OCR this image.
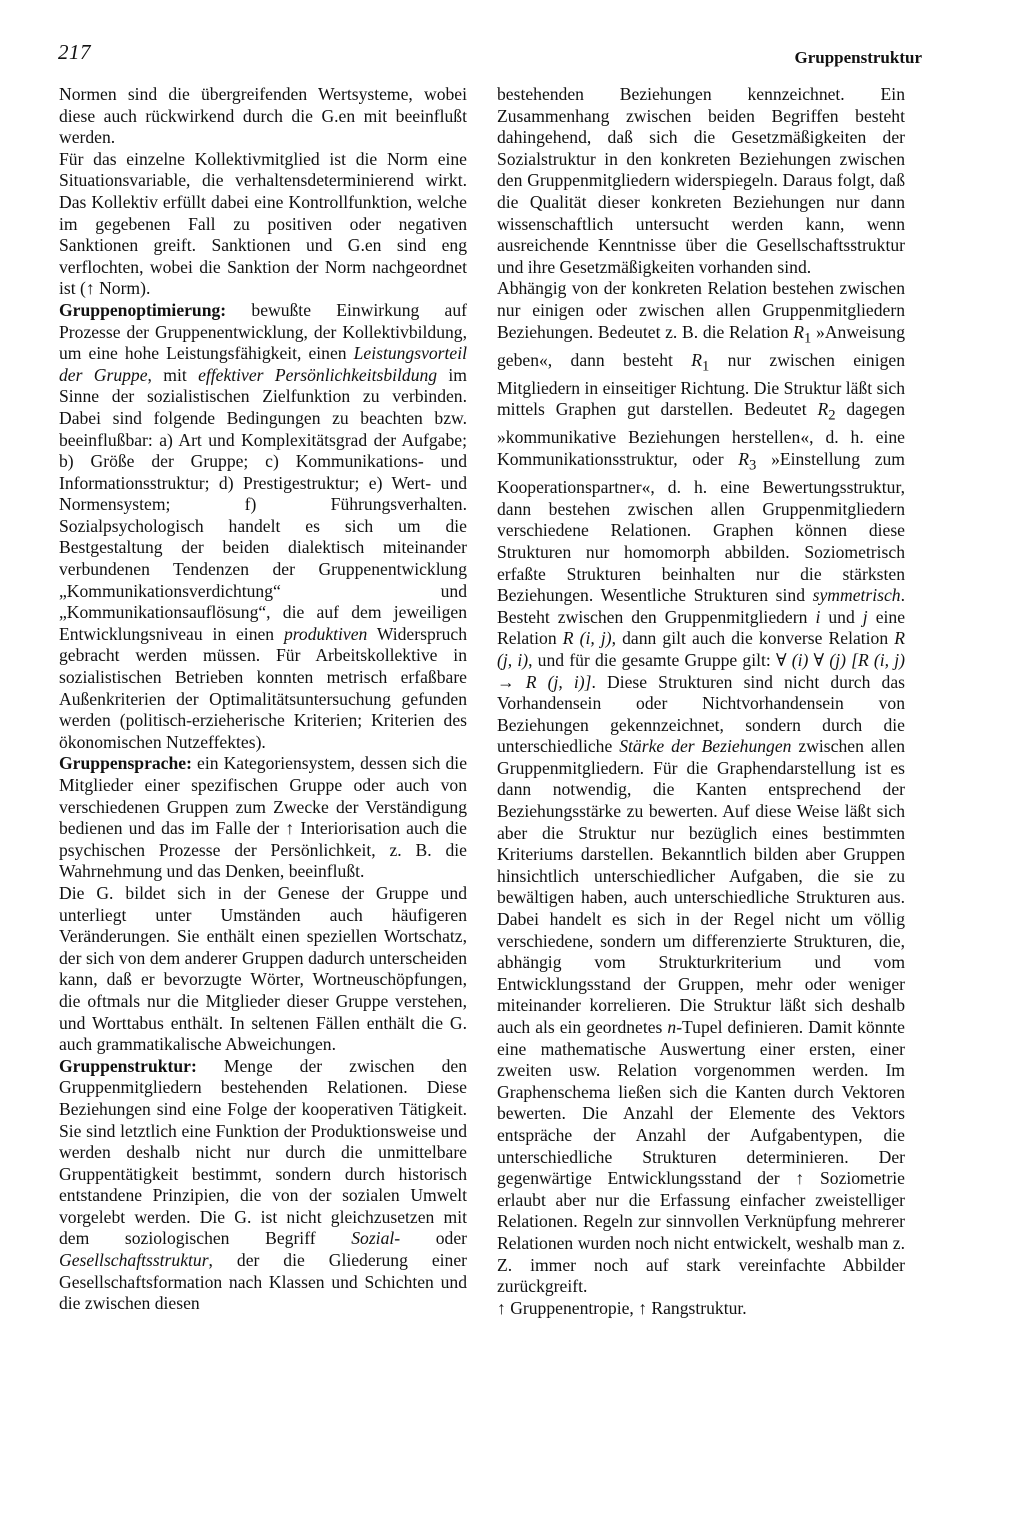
217	Gruppenstruktur

Normen sind die übergreifenden Wertsysteme, wobei diese auch rückwirkend durch die G.en mit beeinflußt werden.

Für das einzelne Kollektivmitglied ist die Norm eine Situationsvariable, die verhaltensdeterminierend wirkt. Das Kollektiv erfüllt dabei eine Kontrollfunktion, welche im gegebenen Fall zu positiven oder negativen Sanktionen greift. Sanktionen und G.en sind eng verflochten, wobei die Sanktion der Norm nachgeordnet ist (↑ Norm).

Gruppenoptimierung: bewußte Einwirkung auf Prozesse der Gruppenentwicklung, der Kollektivbildung, um eine hohe Leistungsfähigkeit, einen Leistungsvorteil der Gruppe, mit effektiver Persönlichkeitsbildung im Sinne der sozialistischen Zielfunktion zu verbinden. Dabei sind folgende Bedingungen zu beachten bzw. beeinflußbar: a) Art und Komplexitätsgrad der Aufgabe; b) Größe der Gruppe; c) Kommunikations- und Informationsstruktur; d) Prestigestruktur; e) Wert- und Normensystem; f) Führungsverhalten. Sozialpsychologisch handelt es sich um die Bestgestaltung der beiden dialektisch miteinander verbundenen Tendenzen der Gruppenentwicklung „Kommunikationsverdichtung“ und „Kommunikationsauflösung“, die auf dem jeweiligen Entwicklungsniveau in einen produktiven Widerspruch gebracht werden müssen. Für Arbeitskollektive in sozialistischen Betrieben konnten metrisch erfaßbare Außenkriterien der Optimalitätsuntersuchung gefunden werden (politisch-erzieherische Kriterien; Kriterien des ökonomischen Nutzeffektes).

Gruppensprache: ein Kategoriensystem, dessen sich die Mitglieder einer spezifischen Gruppe oder auch von verschiedenen Gruppen zum Zwecke der Verständigung bedienen und das im Falle der ↑ Interiorisation auch die psychischen Prozesse der Persönlichkeit, z. B. die Wahrnehmung und das Denken, beeinflußt.

Die G. bildet sich in der Genese der Gruppe und unterliegt unter Umständen auch häufigeren Veränderungen. Sie enthält einen speziellen Wortschatz, der sich von dem anderer Gruppen dadurch unterscheiden kann, daß er bevorzugte Wörter, Wortneuschöpfungen, die oftmals nur die Mitglieder dieser Gruppe verstehen, und Worttabus enthält. In seltenen Fällen enthält die G. auch grammatikalische Abweichungen.

Gruppenstruktur: Menge der zwischen den Gruppenmitgliedern bestehenden Relationen. Diese Beziehungen sind eine Folge der kooperativen Tätigkeit. Sie sind letztlich eine Funktion der Produktionsweise und werden deshalb nicht nur durch die unmittelbare Gruppentätigkeit bestimmt, sondern durch historisch entstandene Prinzipien, die von der sozialen Umwelt vorgelebt werden. Die G. ist nicht gleichzusetzen mit dem soziologischen Begriff Sozial- oder Gesellschaftsstruktur, der die Gliederung einer Gesellschaftsformation nach Klassen und Schichten und die zwischen diesen

bestehenden Beziehungen kennzeichnet. Ein Zusammenhang zwischen beiden Begriffen besteht dahingehend, daß sich die Gesetzmäßigkeiten der Sozialstruktur in den konkreten Beziehungen zwischen den Gruppenmitgliedern widerspiegeln. Daraus folgt, daß die Qualität dieser konkreten Beziehungen nur dann wissenschaftlich untersucht werden kann, wenn ausreichende Kenntnisse über die Gesellschaftsstruktur und ihre Gesetzmäßigkeiten vorhanden sind.

Abhängig von der konkreten Relation bestehen zwischen nur einigen oder zwischen allen Gruppenmitgliedern Beziehungen. Bedeutet z. B. die Relation $R_1$ »Anweisung geben«, dann besteht $R_1$ nur zwischen einigen Mitgliedern in einseitiger Richtung. Die Struktur läßt sich mittels Graphen gut darstellen. Bedeutet $R_2$ dagegen »kommunikative Beziehungen herstellen«, d. h. eine Kommunikationsstruktur, oder $R_3$ »Einstellung zum Kooperationspartner«, d. h. eine Bewertungsstruktur, dann bestehen zwischen allen Gruppenmitgliedern verschiedene Relationen. Graphen können diese Strukturen nur homomorph abbilden. Soziometrisch erfaßte Strukturen beinhalten nur die stärksten Beziehungen. Wesentliche Strukturen sind symmetrisch. Besteht zwischen den Gruppenmitgliedern i und j eine Relation R (i, j), dann gilt auch die konverse Relation R (j, i), und für die gesamte Gruppe gilt: ∀ (i) ∀ (j) [R (i, j) → R (j, i)]. Diese Strukturen sind nicht durch das Vorhandensein oder Nichtvorhandensein von Beziehungen gekennzeichnet, sondern durch die unterschiedliche Stärke der Beziehungen zwischen allen Gruppenmitgliedern. Für die Graphendarstellung ist es dann notwendig, die Kanten entsprechend der Beziehungsstärke zu bewerten. Auf diese Weise läßt sich aber die Struktur nur bezüglich eines bestimmten Kriteriums darstellen. Bekanntlich bilden aber Gruppen hinsichtlich unterschiedlicher Aufgaben, die sie zu bewältigen haben, auch unterschiedliche Strukturen aus. Dabei handelt es sich in der Regel nicht um völlig verschiedene, sondern um differenzierte Strukturen, die, abhängig vom Strukturkriterium und vom Entwicklungsstand der Gruppen, mehr oder weniger miteinander korrelieren. Die Struktur läßt sich deshalb auch als ein geordnetes n-Tupel definieren. Damit könnte eine mathematische Auswertung einer ersten, einer zweiten usw. Relation vorgenommen werden. Im Graphenschema ließen sich die Kanten durch Vektoren bewerten. Die Anzahl der Elemente des Vektors entspräche der Anzahl der Aufgabentypen, die unterschiedliche Strukturen determinieren. Der gegenwärtige Entwicklungsstand der ↑ Soziometrie erlaubt aber nur die Erfassung einfacher zweistelliger Relationen. Regeln zur sinnvollen Verknüpfung mehrerer Relationen wurden noch nicht entwickelt, weshalb man z. Z. immer noch auf stark vereinfachte Abbilder zurückgreift.

↑ Gruppenentropie, ↑ Rangstruktur.
